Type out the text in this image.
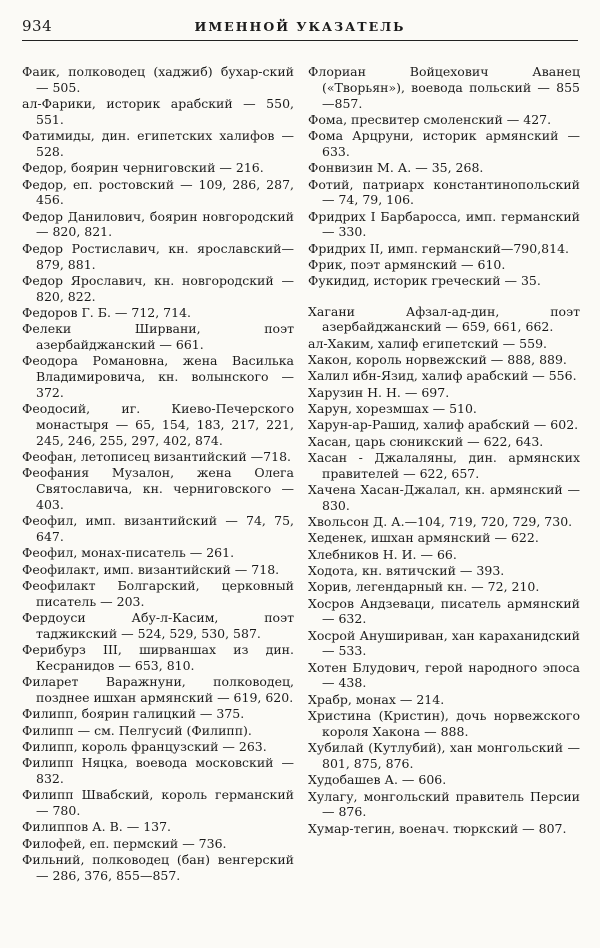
934	ИМЕННОЙ УКАЗАТЕЛЬ
Фаик, полководец (хаджиб) бухар-ский — 505.
ал-Фарики, историк арабский — 550, 551.
Фатимиды, дин. египетских халифов — 528.
Федор, боярин черниговский — 216.
Федор, еп. ростовский — 109, 286, 287, 456.
Федор Данилович, боярин новгородский — 820, 821.
Федор Ростиславич, кн. ярославский— 879, 881.
Федор Ярославич, кн. новгородский — 820, 822.
Федоров Г. Б. — 712, 714.
Фелеки Ширвани, поэт азербайджанский — 661.
Феодора Романовна, жена Василька Владимировича, кн. волынского — 372.
Феодосий, иг. Киево-Печерского монастыря — 65, 154, 183, 217, 221, 245, 246, 255, 297, 402, 874.
Феофан, летописец византийский —718.
Феофания Музалон, жена Олега Святославича, кн. черниговского — 403.
Феофил, имп. византийский — 74, 75, 647.
Феофил, монах-писатель — 261.
Феофилакт, имп. византийский — 718.
Феофилакт Болгарский, церковный писатель — 203.
Фердоуси Абу-л-Касим, поэт таджикский — 524, 529, 530, 587.
Ферибурз III, ширваншах из дин. Кесранидов — 653, 810.
Филарет Варажнуни, полководец, позднее ишхан армянский — 619, 620.
Филипп, боярин галицкий — 375.
Филипп — см. Пелгусий (Филипп).
Филипп, король французский — 263.
Филипп Няцка, воевода московский — 832.
Филипп Швабский, король германский— 780.
Филиппов А. В. — 137.
Филофей, еп. пермский — 736.
Фильний, полководец (бан) венгерский — 286, 376, 855—857.
Флориан Войцехович Аванец («Творьян»), воевода польский — 855—857.
Фома, пресвитер смоленский — 427.
Фома Арцруни, историк армянский — 633.
Фонвизин М. А. — 35, 268.
Фотий, патриарх константинопольский — 74, 79, 106.
Фридрих I Барбаросса, имп. германский — 330.
Фридрих II, имп. германский—790,814.
Фрик, поэт армянский — 610.
Фукидид, историк греческий — 35.
Хагани Афзал-ад-дин, поэт азербайджанский — 659, 661, 662.
ал-Хаким, халиф египетский — 559.
Хакон, король норвежский — 888, 889.
Халил ибн-Язид, халиф арабский — 556.
Харузин Н. Н. — 697.
Харун, хорезмшах — 510.
Харун-ар-Рашид, халиф арабский — 602.
Хасан, царь сюникский — 622, 643.
Хасан - Джалаляны, дин. армянских правителей — 622, 657.
Хачена Хасан-Джалал, кн. армянский — 830.
Хвольсон Д. А.—104, 719, 720, 729, 730.
Хеденек, ишхан армянский — 622.
Хлебников Н. И. — 66.
Ходота, кн. вятичский — 393.
Хорив, легендарный кн. — 72, 210.
Хосров Андзеваци, писатель армянский — 632.
Хосрой Анушириван, хан караханидский — 533.
Хотен Блудович, герой народного эпоса — 438.
Храбр, монах — 214.
Христина (Кристин), дочь норвежского короля Хакона — 888.
Хубилай (Кутлубий), хан монгольский — 801, 875, 876.
Худобашев А. — 606.
Хулагу, монгольский правитель Персии — 876.
Хумар-тегин, военач. тюркский — 807.
